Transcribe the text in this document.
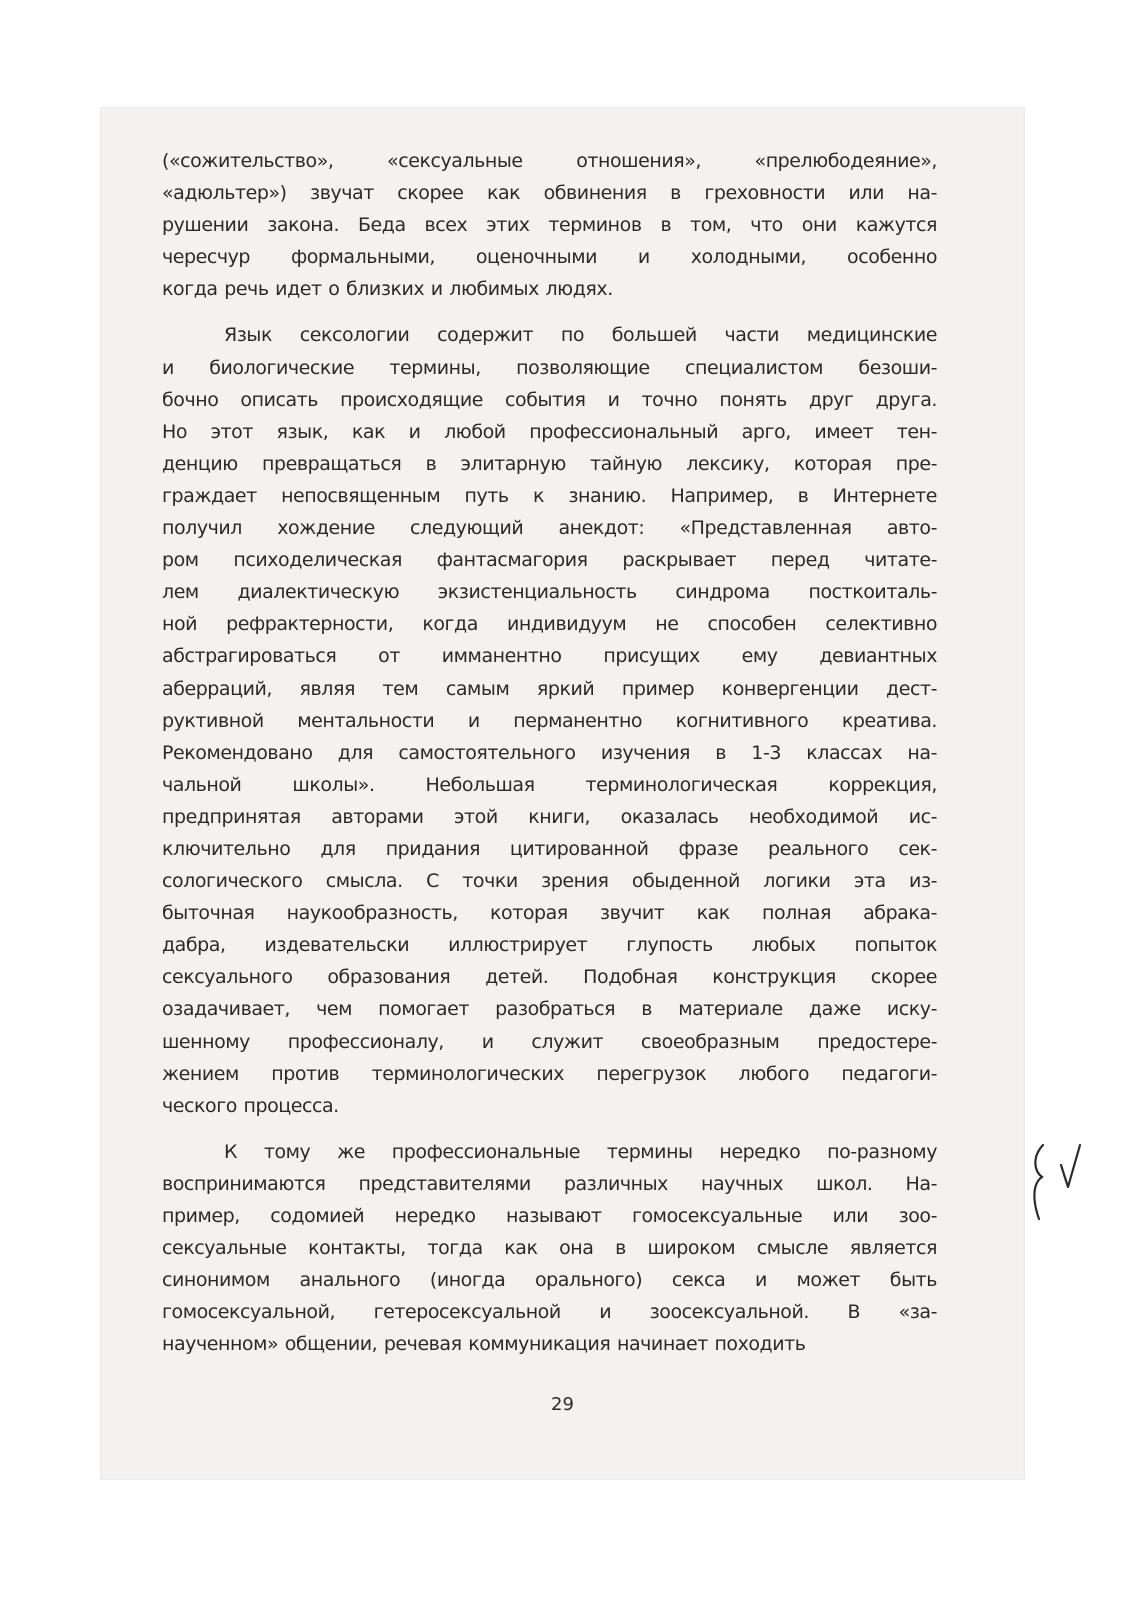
(«сожительство», «сексуальные отношения», «прелюбодеяние»,
«адюльтер») звучат скорее как обвинения в греховности или на-
рушении закона. Беда всех этих терминов в том, что они кажутся
чересчур формальными, оценочными и холодными, особенно
когда речь идет о близких и любимых людях.
Язык сексологии содержит по большей части медицинские
и биологические термины, позволяющие специалистом безоши-
бочно описать происходящие события и точно понять друг друга.
Но этот язык, как и любой профессиональный арго, имеет тен-
денцию превращаться в элитарную тайную лексику, которая пре-
граждает непосвященным путь к знанию. Например, в Интернете
получил хождение следующий анекдот: «Представленная авто-
ром психоделическая фантасмагория раскрывает перед читате-
лем диалектическую экзистенциальность синдрома посткоиталь-
ной рефрактерности, когда индивидуум не способен селективно
абстрагироваться от имманентно присущих ему девиантных
аберраций, являя тем самым яркий пример конвергенции дест-
руктивной ментальности и перманентно когнитивного креатива.
Рекомендовано для самостоятельного изучения в 1-3 классах на-
чальной школы». Небольшая терминологическая коррекция,
предпринятая авторами этой книги, оказалась необходимой ис-
ключительно для придания цитированной фразе реального сек-
сологического смысла. С точки зрения обыденной логики эта из-
быточная наукообразность, которая звучит как полная абрака-
дабра, издевательски иллюстрирует глупость любых попыток
сексуального образования детей. Подобная конструкция скорее
озадачивает, чем помогает разобраться в материале даже иску-
шенному профессионалу, и служит своеобразным предостере-
жением против терминологических перегрузок любого педагоги-
ческого процесса.
К тому же профессиональные термины нередко по-разному
воспринимаются представителями различных научных школ. На-
пример, содомией нередко называют гомосексуальные или зоо-
сексуальные контакты, тогда как она в широком смысле является
синонимом анального (иногда орального) секса и может быть
гомосексуальной, гетеросексуальной и зоосексуальной. В «за-
наученном» общении, речевая коммуникация начинает походить
29
